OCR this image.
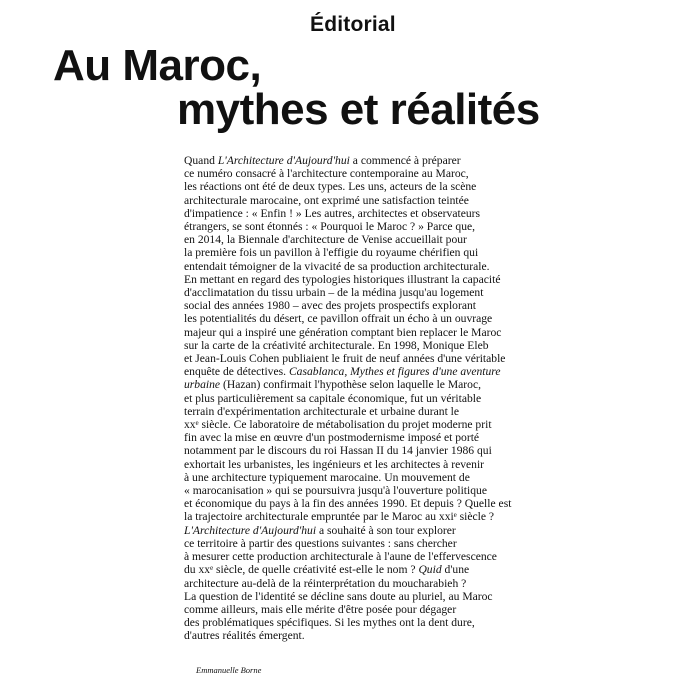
Éditorial
Au Maroc,
mythes et réalités
Quand L'Architecture d'Aujourd'hui a commencé à préparer
ce numéro consacré à l'architecture contemporaine au Maroc,
les réactions ont été de deux types. Les uns, acteurs de la scène
architecturale marocaine, ont exprimé une satisfaction teintée
d'impatience : « Enfin ! » Les autres, architectes et observateurs
étrangers, se sont étonnés : « Pourquoi le Maroc ? » Parce que,
en 2014, la Biennale d'architecture de Venise accueillait pour
la première fois un pavillon à l'effigie du royaume chérifien qui
entendait témoigner de la vivacité de sa production architecturale.
En mettant en regard des typologies historiques illustrant la capacité
d'acclimatation du tissu urbain – de la médina jusqu'au logement
social des années 1980 – avec des projets prospectifs explorant
les potentialités du désert, ce pavillon offrait un écho à un ouvrage
majeur qui a inspiré une génération comptant bien replacer le Maroc
sur la carte de la créativité architecturale. En 1998, Monique Eleb
et Jean-Louis Cohen publiaient le fruit de neuf années d'une véritable
enquête de détectives. Casablanca, Mythes et figures d'une aventure
urbaine (Hazan) confirmait l'hypothèse selon laquelle le Maroc,
et plus particulièrement sa capitale économique, fut un véritable
terrain d'expérimentation architecturale et urbaine durant le
xxᵉ siècle. Ce laboratoire de métabolisation du projet moderne prit
fin avec la mise en œuvre d'un postmodernisme imposé et porté
notamment par le discours du roi Hassan II du 14 janvier 1986 qui
exhortait les urbanistes, les ingénieurs et les architectes à revenir
à une architecture typiquement marocaine. Un mouvement de
« marocanisation » qui se poursuivra jusqu'à l'ouverture politique
et économique du pays à la fin des années 1990. Et depuis ? Quelle est
la trajectoire architecturale empruntée par le Maroc au xxiᵉ siècle ?
L'Architecture d'Aujourd'hui a souhaité à son tour explorer
ce territoire à partir des questions suivantes : sans chercher
à mesurer cette production architecturale à l'aune de l'effervescence
du xxᵉ siècle, de quelle créativité est-elle le nom ? Quid d'une
architecture au-delà de la réinterprétation du moucharabieh ?
La question de l'identité se décline sans doute au pluriel, au Maroc
comme ailleurs, mais elle mérite d'être posée pour dégager
des problématiques spécifiques. Si les mythes ont la dent dure,
d'autres réalités émergent.
Emmanuelle Borne
